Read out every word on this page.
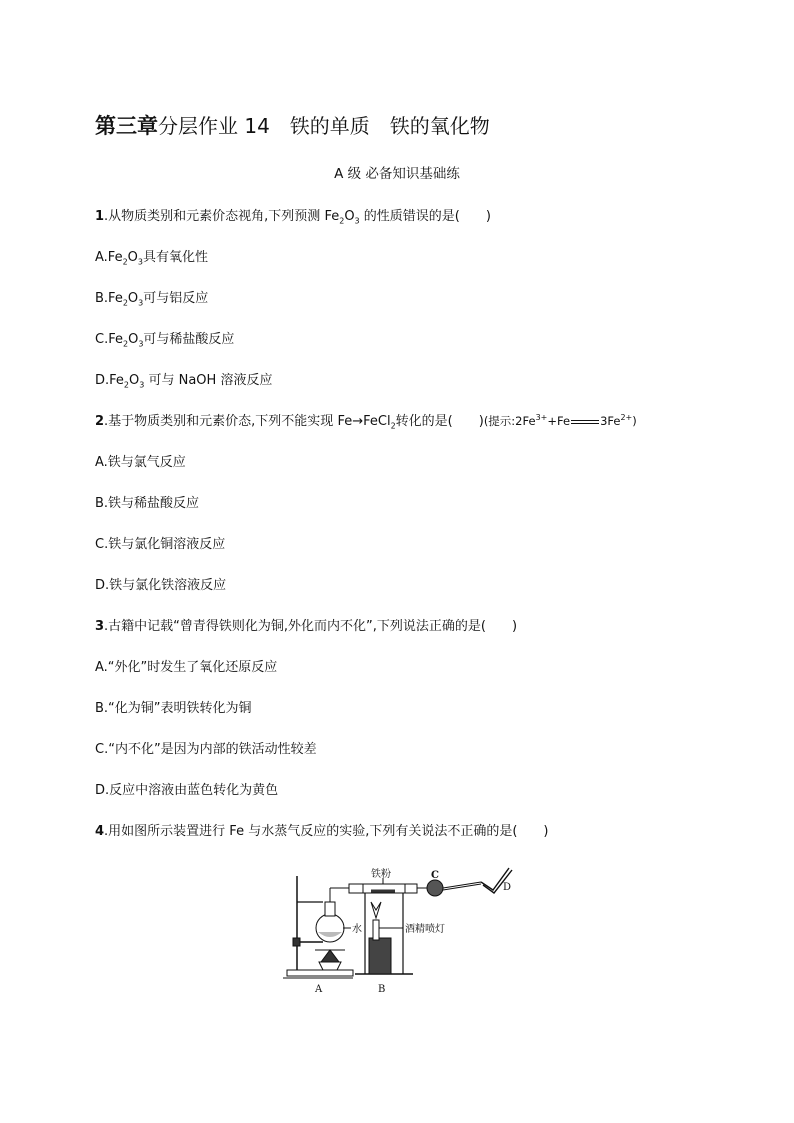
第三章分层作业 14　铁的单质　铁的氧化物
A 级 必备知识基础练
1.从物质类别和元素价态视角,下列预测 $Fe_2O_3$ 的性质错误的是( )
$A.Fe_2O_3$具有氧化性
$B.Fe_2O_3$可与铝反应
$C.Fe_2O_3$可与稀盐酸反应
$D.Fe_2O_3$ 可与 NaOH 溶液反应
2.基于物质类别和元素价态,下列不能实现 Fe→FeCl$_2$转化的是( )(提示$:2Fe^{3+}+Fe$	$3Fe^{2+}$)
A.铁与氯气反应
B.铁与稀盐酸反应
C.铁与氯化铜溶液反应
D.铁与氯化铁溶液反应
3.古籍中记载“曾青得铁则化为铜,外化而内不化”,下列说法正确的是( )
A.“外化”时发生了氧化还原反应
B.“化为铜”表明铁转化为铜
C.“内不化”是因为内部的铁活动性较差
D.反应中溶液由蓝色转化为黄色
4.用如图所示装置进行 Fe 与水蒸气反应的实验,下列有关说法不正确的是( )
铁粉	C
D
水	酒精喷灯
A	B
